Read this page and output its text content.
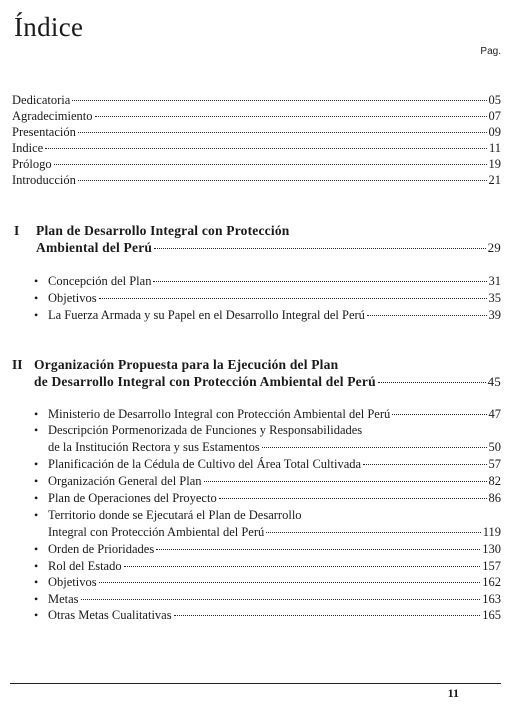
Índice
Pag.
Dedicatoria	05
Agradecimiento	07
Presentación	09
Indice	11
Prólogo	19
Introducción	21
I Plan de Desarrollo Integral con Protección
Ambiental del Perú	29
• Concepción del Plan	31
• Objetivos	35
• La Fuerza Armada y su Papel en el Desarrollo Integral del Perú	39
II Organización Propuesta para la Ejecución del Plan
de Desarrollo Integral con Protección Ambiental del Perú	45
• Ministerio de Desarrollo Integral con Protección Ambiental del Perú	47
• Descripción Pormenorizada de Funciones y Responsabilidades
de la Institución Rectora y sus Estamentos	50
• Planificación de la Cédula de Cultivo del Área Total Cultivada	57
• Organización General del Plan	82
• Plan de Operaciones del Proyecto	86
• Territorio donde se Ejecutará el Plan de Desarrollo
Integral con Protección Ambiental del Perú	119
• Orden de Prioridades	130
• Rol del Estado	157
• Objetivos	162
• Metas	163
• Otras Metas Cualitativas	165
11
